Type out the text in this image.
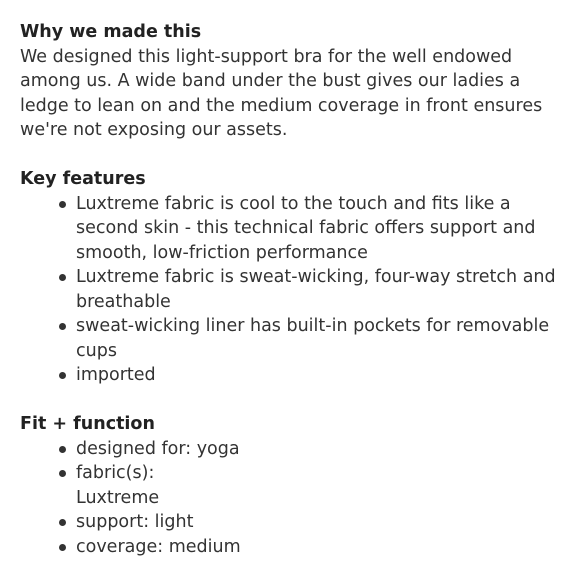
Why we made this

We designed this light-support bra for the well endowed among us. A wide band under the bust gives our ladies a ledge to lean on and the medium coverage in front ensures we're not exposing our assets.

Key features
Luxtreme fabric is cool to the touch and fits like a second skin - this technical fabric offers support and smooth, low-friction performance
Luxtreme fabric is sweat-wicking, four-way stretch and breathable
sweat-wicking liner has built-in pockets for removable cups
imported
Fit + function
designed for: yoga
fabric(s):
Luxtreme
support: light
coverage: medium
